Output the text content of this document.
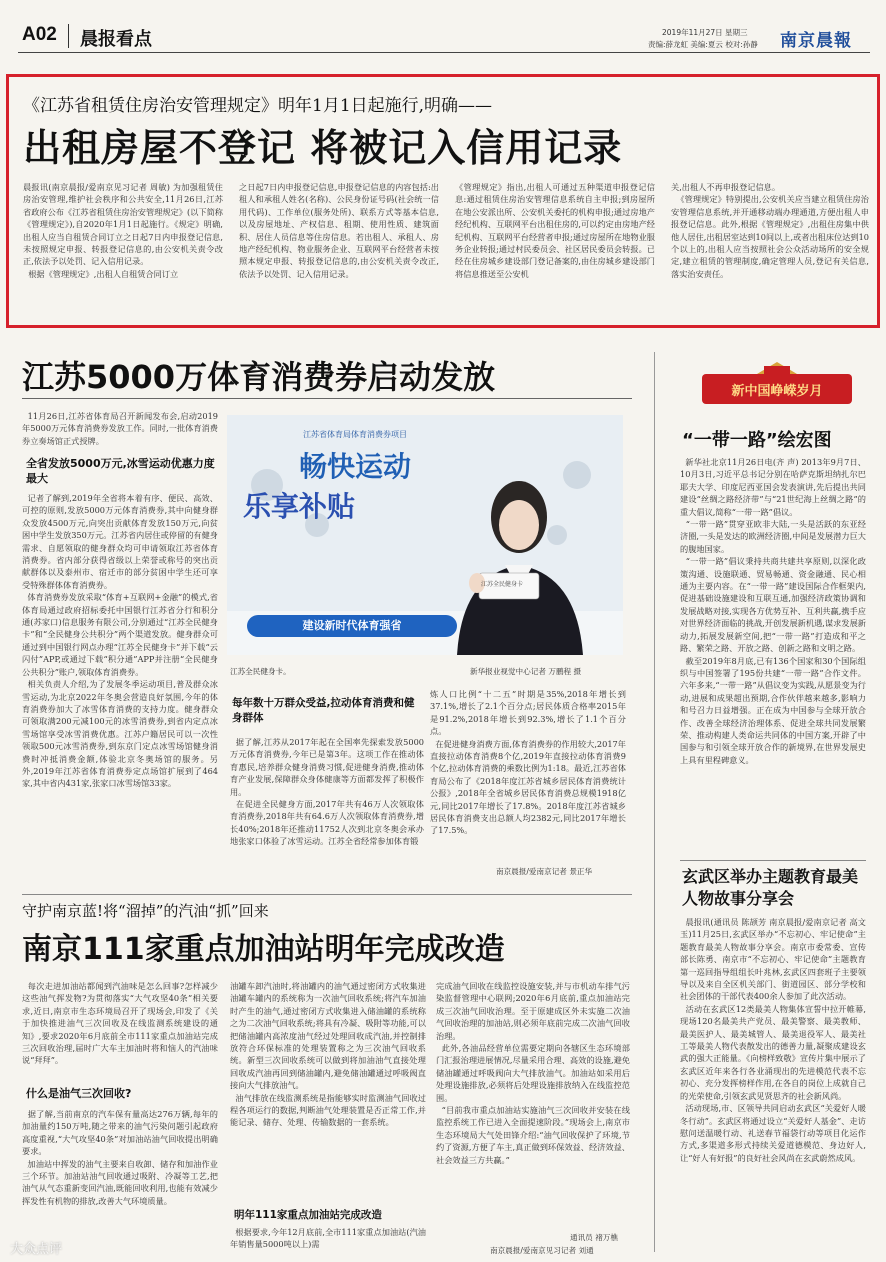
A02 晨报看点	2019年11月27日 星期三
责编:薛龙虹 美编:夏云 校对:孙静 南京晨報
《江苏省租赁住房治安管理规定》明年1月1日起施行,明确——
出租房屋不登记 将被记入信用记录
晨报讯(南京晨报/爱南京见习记者 周敏) 为加强租赁住房治安管理,维护社会秩序和公共安全,11月26日,江苏省政府公布《江苏省租赁住房治安管理规定》(以下简称《管理规定》),自2020年1月1日起施行。《规定》明确,出租人应当自租赁合同订立之日起7日内申报登记信息,未按照规定申报、转报登记信息的,由公安机关责令改正,依法予以处罚、记入信用记录。
根据《管理规定》,出租人自租赁合同订立
之日起7日内申报登记信息,申报登记信息的内容包括:出租人和承租人姓名(名称)、公民身份证号码(社会统一信用代码)、工作单位(服务处所)、联系方式等基本信息,以及房屋地址、产权信息、租期、使用性质、建筑面积、居住人员信息等住房信息。若出租人、承租人、房地产经纪机构、物业服务企业、互联网平台经营者未按照本规定申报、转报登记信息的,由公安机关责令改正,依法予以处罚、记入信用记录。
《管理规定》指出,出租人可通过五种渠道申报登记信息:通过租赁住房治安管理信息系统自主申报;到房屋所在地公安派出所、公安机关委托的机构申报;通过房地产经纪机构、互联网平台出租住房的,可以约定由房地产经纪机构、互联网平台经营者申报;通过房屋所在地物业服务企业转报;通过村民委员会、社区居民委员会转报。已经在住房城乡建设部门登记备案的,由住房城乡建设部门将信息推送至公安机
关,出租人不再申报登记信息。
《管理规定》特别提出,公安机关应当建立租赁住房治安管理信息系统,并开通移动端办理通道,方便出租人申报登记信息。此外,根据《管理规定》,出租住房集中供他人居住,出租居室达到10间以上,或者出租床位达到10个以上的,出租人应当按照社会公众活动场所的安全规定,建立租赁的管理制度,确定管理人员,登记有关信息,落实治安责任。
江苏5000万体育消费券启动发放
11月26日,江苏省体育局召开新闻发布会,启动2019年5000万元体育消费券发放工作。同时,一批体育消费券立奏场馆正式授牌。
全省发放5000万元,冰雪运动优惠力度最大
记者了解到,2019年全省将本着有序、便民、高效、可控的原则,发放5000万元体育消费券,其中向健身群众发放4500万元,向突出贡献体育发放150万元,向贫困中学生发放350万元。江苏省内居住或停留的有健身需求、自愿领取的健身群众均可申请领取江苏省体育消费券。省内部分获得省级以上荣誉或称号的突出贡献群体以及泰州市、宿迁市的部分贫困中学生还可享受特殊群体体育消费券。
体育消费券发放采取“体育+互联网+金融”的模式,省体育局通过政府招标委托中国银行江苏省分行和积分通(苏家口)信息服务有限公司,分别通过“江苏全民健身卡”和“全民健身公共积分”两个渠道发放。健身群众可通过到中国银行网点办理“江苏全民健身卡”并下载“云闪付”APP,或通过下载“积分通”APP并注册“全民健身公共积分”账户,领取体育消费券。
相关负责人介绍,为了发展冬季运动项目,普及群众冰雪运动,为北京2022年冬奥会营造良好氛围,今年的体育消费券加大了冰雪体育消费的支持力度。健身群众可领取满200元减100元的冰雪消费券,到省内定点冰雪场馆享受冰雪消费优惠。江苏户籍居民可以一次性领取500元冰雪消费券,到东京门定点冰雪场馆健身消费时冲抵消费金额,体验北京冬奥场馆的服务。另外,2019年江苏省体育消费券定点场馆扩展到了464家,其中省内431家,张家口冰雪场馆33家。
江苏省体育局体育消费券项目
畅快运动
乐享补贴
江苏全民健身卡
建设新时代体育强省
江苏全民健身卡。	新华报业视觉中心记者 万鹏程 摄
每年数十万群众受益,拉动体育消费和健身群体
据了解,江苏从2017年起在全国率先探索发放5000万元体育消费券,今年已是第3年。这项工作在推动体育惠民,培养群众健身消费习惯,促进健身消费,推动体育产业发展,保障群众身体健康等方面都发挥了积极作用。
在促进全民健身方面,2017年共有46万人次领取体育消费券,2018年共有64.6万人次领取体育消费券,增长40%;2018年还推动11752人次到北京冬奥会承办地张家口体验了冰雪运动。江苏全省经常参加体育锻
炼人口比例“十二五”时期是35%,2018年增长到37.1%,增长了2.1个百分点;居民体质合格率2015年是91.2%,2018年增长到92.3%,增长了1.1个百分点。
在促进健身消费方面,体育消费券的作用较大,2017年直接拉动体育消费8个亿,2019年直接拉动体育消费9个亿,拉动体育消费的乘数比例为1:18。最近,江苏省体育局公布了《2018年度江苏省城乡居民体育消费统计公报》,2018年全省城乡居民体育消费总规模1918亿元,同比2017年增长了17.8%。2018年度江苏省城乡居民体育消费支出总额人均2382元,同比2017年增长了17.5%。
南京晨报/爱南京记者 景正华
守护南京蓝!将“溜掉”的汽油“抓”回来
南京111家重点加油站明年完成改造
每次走进加油站都闻到汽油味是怎么回事?怎样减少这些油气挥发物?为贯彻落实“大气攻坚40条”相关要求,近日,南京市生态环境局召开了现场会,印发了《关于加快推进油气三次回收及在线监测系统建设的通知》,要求2020年6月底前全市111家重点加油站完成三次回收治理,届时广大车主加油时将和恼人的汽油味说“拜拜”。
什么是油气三次回收?
据了解,当前南京的汽车保有量高达276万辆,每年的加油量约150万吨,随之带来的油气污染问题引起政府高度重视,“大气攻坚40条”对加油站油气回收提出明确要求。
加油站中挥发的油气主要来自收卸、储存和加油作业三个环节。加油站油气回收通过吸附、冷凝等工艺,把油气从气态重新变回汽油,既能回收利用,也能有效减少挥发性有机物的排放,改善大气环境质量。
油罐车卸汽油时,将油罐内的油气通过密闭方式收集进油罐车罐内的系统称为一次油气回收系统;将汽车加油时产生的油气,通过密闭方式收集进入储油罐的系统称之为二次油气回收系统;将具有冷凝、吸附等功能,可以把储油罐内高浓度油气经过处理回收成汽油,并控制排放符合环保标准的处理装置称之为三次油气回收系统。新型三次回收系统可以做到将加油油气直接处理回收成汽油再回到储油罐内,避免储油罐通过呼吸阀直接向大气排放油气。
油气排放在线监测系统是指能够实时监测油气回收过程各项运行的数据,判断油气处理装置是否正常工作,并能记录、储存、处理、传输数据的一套系统。
明年111家重点加油站完成改造
根据要求,今年12月底前,全市111家重点加油站(汽油年销售量5000吨以上)需
完成油气回收在线监控设施安装,并与市机动车排气污染监督管理中心联网;2020年6月底前,重点加油站完成三次油气回收治理。至于原建成区外未实施二次油气回收治理的加油站,则必须年底前完成二次油气回收治理。
此外,各油品经营单位需要定期向各辖区生态环境部门汇报治理进展情况,尽量采用合理、高效的设施,避免储油罐通过呼吸阀向大气排放油气。加油站如采用后处理设施排放,必须将后处理设施排放纳入在线监控范围。
“目前我市重点加油站实施油气三次回收并安装在线监控系统工作已进入全面提速阶段。”现场会上,南京市生态环境局大气处田锋介绍:“油气回收保护了环境,节约了资源,方便了车主,真正做到环保效益、经济效益、社会效益三方共赢。”
通讯员 褚万樵
南京晨报/爱南京见习记者 刘通
新中国峥嵘岁月
“一带一路”绘宏图
新华社北京11月26日电(齐 声) 2013年9月7日、10月3日,习近平总书记分别在哈萨克斯坦纳扎尔巴耶夫大学、印度尼西亚国会发表演讲,先后提出共同建设“丝绸之路经济带”与“21世纪海上丝绸之路”的重大倡议,简称“一带一路”倡议。
“一带一路”贯穿亚欧非大陆,一头是活跃的东亚经济圈,一头是发达的欧洲经济圈,中间是发展潜力巨大的腹地国家。
“一带一路”倡议秉持共商共建共享原则,以深化政策沟通、设施联通、贸易畅通、资金融通、民心相通为主要内容。在“一带一路”建设国际合作框架内,促进基础设施建设和互联互通,加强经济政策协调和发展战略对接,实现各方优势互补、互利共赢,携手应对世界经济面临的挑战,开创发展新机遇,谋求发展新动力,拓展发展新空间,把“一带一路”打造成和平之路、繁荣之路、开放之路、创新之路和文明之路。
截至2019年8月底,已有136个国家和30个国际组织与中国签署了195份共建“一带一路”合作文件。六年多来,“一带一路”从倡议变为实践,从愿景变为行动,进展和成果超出预期,合作伙伴越来越多,影响力和号召力日益增强。正在成为中国参与全球开放合作、改善全球经济治理体系、促进全球共同发展繁荣、推动构建人类命运共同体的中国方案,开辟了中国参与和引领全球开放合作的新境界,在世界发展史上具有里程碑意义。
玄武区举办主题教育最美人物故事分享会
晨报讯(通讯员 陈颉芳 南京晨报/爱南京记者 高文玉)11月25日,玄武区举办“不忘初心、牢记使命”主题教育最美人物故事分享会。南京市委常委、宣传部长陈勇、南京市“不忘初心、牢记使命”主题教育第一巡回指导组组长叶兆林,玄武区四套班子主要领导以及来自全区机关部门、街道园区、部分学校和社会团体的干部代表400余人参加了此次活动。
活动在玄武区12类最美人物集体宣誓中拉开帷幕,现场120名最美共产党员、最美警察、最美教师、最美医护人、最美城管人、最美退役军人、最美社工等最美人物代表散发出的德善力量,凝聚成建设玄武的强大正能量。《向榜样致敬》宣传片集中展示了玄武区近年来各行各业涌现出的先进模范代表不忘初心、充分发挥榜样作用,在各自的岗位上成就自己的光荣使命,引领玄武见贤思齐的社会新风尚。
活动现场,市、区领导共同启动玄武区“关爱好人暖冬行动”。玄武区将通过设立“关爱好人基金”、走访慰问送温暖行动、礼送春节福袋行动等项目化运作方式,多渠道多形式持续关爱道德模范、身边好人,让“好人有好报”的良好社会风尚在玄武蔚然成风。
大众点评
